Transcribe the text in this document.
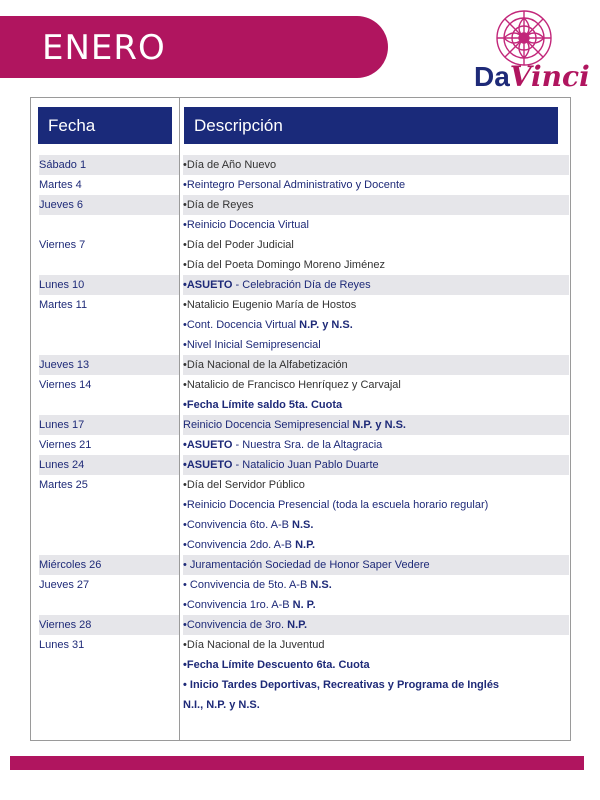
ENERO
DaVinci
Fecha	Descripción
Sábado 1	•Día de Año Nuevo
Martes 4	•Reintegro Personal Administrativo y Docente
Jueves 6	•Día de Reyes
•Reinicio Docencia Virtual
Viernes 7	•Día del Poder Judicial
•Día del Poeta Domingo Moreno Jiménez
Lunes 10	•ASUETO - Celebración Día de Reyes
Martes 11	•Natalicio Eugenio María de Hostos
•Cont. Docencia Virtual N.P. y N.S.
•Nivel Inicial Semipresencial
Jueves 13	•Día Nacional de la Alfabetización
Viernes 14	•Natalicio de Francisco Henríquez y Carvajal
•Fecha Límite saldo 5ta. Cuota
Lunes 17	Reinicio Docencia Semipresencial N.P. y N.S.
Viernes 21	•ASUETO - Nuestra Sra. de la Altagracia
Lunes 24	•ASUETO - Natalicio Juan Pablo Duarte
Martes 25	•Día del Servidor Público
•Reinicio Docencia Presencial (toda la escuela horario regular)
•Convivencia 6to. A-B N.S.
•Convivencia 2do. A-B N.P.
Miércoles 26	• Juramentación Sociedad de Honor Saper Vedere
Jueves 27	• Convivencia de 5to. A-B N.S.
•Convivencia 1ro. A-B N. P.
Viernes 28	•Convivencia de 3ro. N.P.
Lunes 31	•Día Nacional de la Juventud
•Fecha Límite Descuento 6ta. Cuota
• Inicio Tardes Deportivas, Recreativas y Programa de Inglés
N.I., N.P. y N.S.
